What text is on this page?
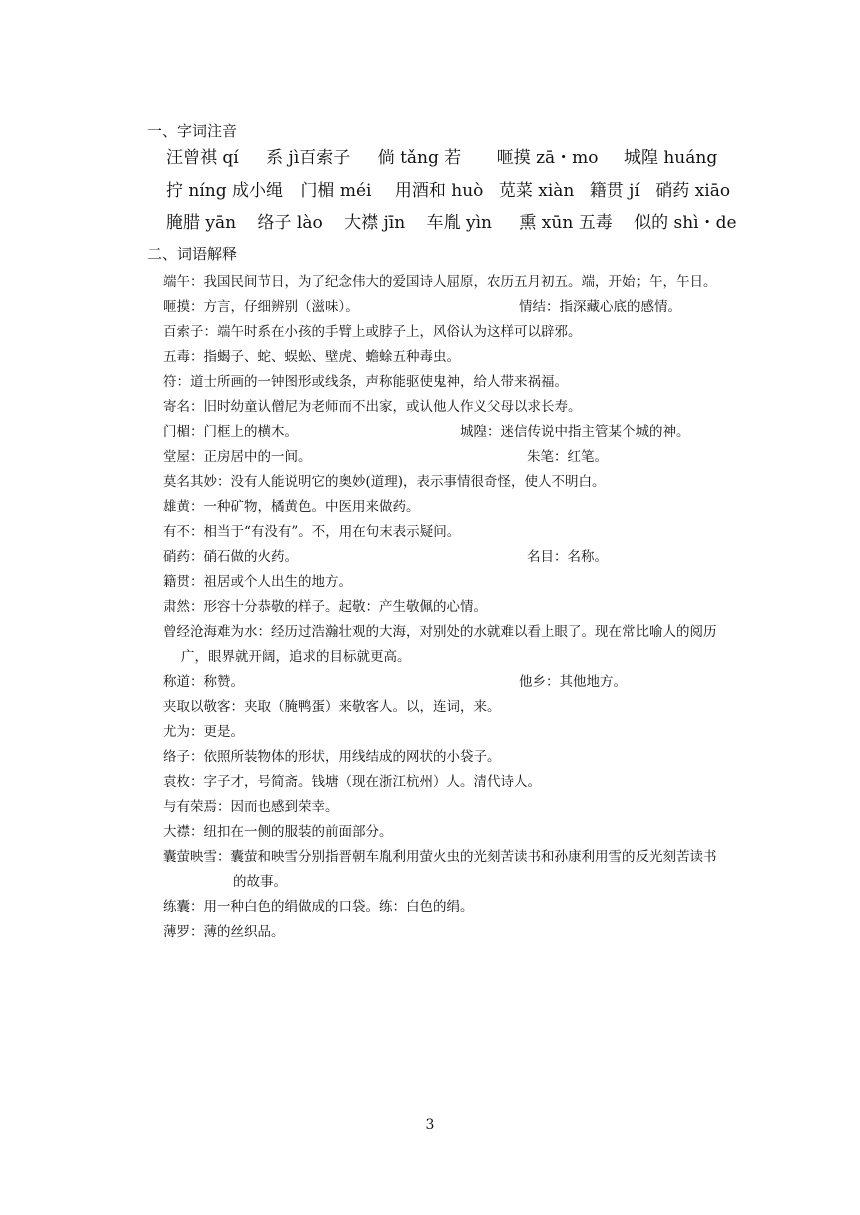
一、字词注音
汪曾祺 qí 系 jì百索子 倘 tǎng 若 咂摸 zā・mo 城隍 huáng
拧 níng 成小绳 门楣 méi 用酒和 huò 苋菜 xiàn 籍贯 jí 硝药 xiāo
腌腊 yān 络子 lào 大襟 jīn 车胤 yìn 熏 xūn 五毒 似的 shì・de
二、词语解释
端午：我国民间节日，为了纪念伟大的爱国诗人屈原，农历五月初五。端，开始；午，午日。
咂摸：方言，仔细辨别（滋味）。	情结：指深藏心底的感情。
百索子：端午时系在小孩的手臂上或脖子上，风俗认为这样可以辟邪。
五毒：指蝎子、蛇、蜈蚣、壁虎、蟾蜍五种毒虫。
符：道士所画的一钟图形或线条，声称能驱使鬼神，给人带来祸福。
寄名：旧时幼童认僧尼为老师而不出家，或认他人作义父母以求长寿。
门楣：门框上的横木。	城隍：迷信传说中指主管某个城的神。
堂屋：正房居中的一间。	朱笔：红笔。
莫名其妙：没有人能说明它的奥妙(道理)，表示事情很奇怪，使人不明白。
雄黄：一种矿物，橘黄色。中医用来做药。
有不：相当于“有没有”。不，用在句末表示疑问。
硝药：硝石做的火药。	名目：名称。
籍贯：祖居或个人出生的地方。
肃然：形容十分恭敬的样子。起敬：产生敬佩的心情。
曾经沧海难为水：经历过浩瀚壮观的大海，对别处的水就难以看上眼了。现在常比喻人的阅历广，眼界就开阔，追求的目标就更高。
称道：称赞。	他乡：其他地方。
夹取以敬客：夹取（腌鸭蛋）来敬客人。以，连词，来。
尤为：更是。
络子：依照所装物体的形状，用线结成的网状的小袋子。
袁枚：字子才，号简斋。钱塘（现在浙江杭州）人。清代诗人。
与有荣焉：因而也感到荣幸。
大襟：纽扣在一侧的服装的前面部分。
囊萤映雪：囊萤和映雪分别指晋朝车胤利用萤火虫的光刻苦读书和孙康利用雪的反光刻苦读书的故事。
练囊：用一种白色的绢做成的口袋。练：白色的绢。
薄罗：薄的丝织品。
3
